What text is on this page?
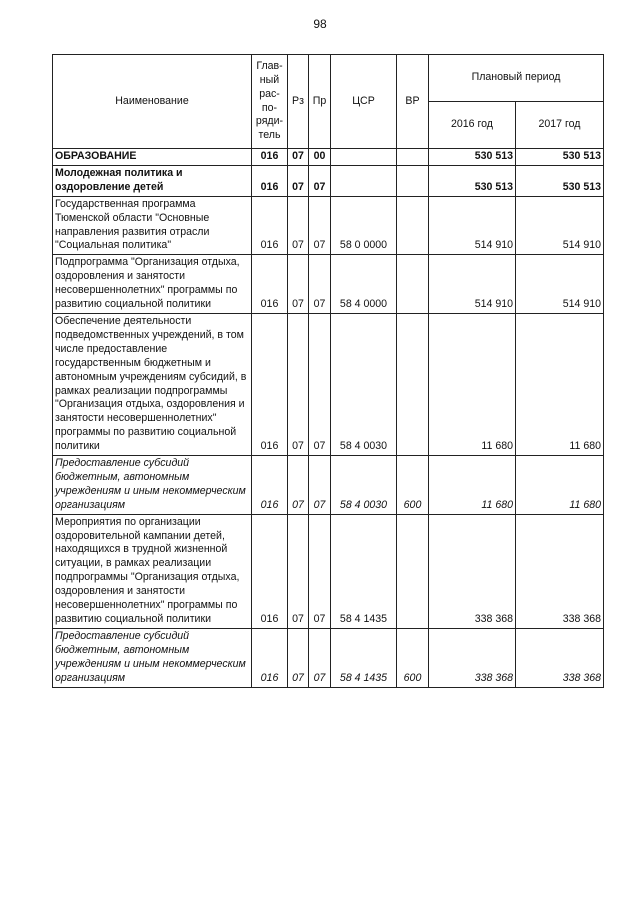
98
Наименование	Глав-ный рас-по-ряди-тель	Рз	Пр	ЦСР	ВР	Плановый период	
						2016 год	2017 год
ОБРАЗОВАНИЕ	016	07	00			530 513	530 513
Молодежная политика и оздоровление детей	016	07	07			530 513	530 513
Государственная программа Тюменской области "Основные направления развития отрасли "Социальная политика"	016	07	07	58 0 0000		514 910	514 910
Подпрограмма "Организация отдыха, оздоровления и занятости несовершеннолетних" программы по развитию социальной политики	016	07	07	58 4 0000		514 910	514 910
Обеспечение деятельности подведомственных учреждений, в том числе предоставление государственным бюджетным и автономным учреждениям субсидий, в рамках реализации подпрограммы "Организация отдыха, оздоровления и занятости несовершеннолетних" программы по развитию социальной политики	016	07	07	58 4 0030		11 680	11 680
Предоставление субсидий бюджетным, автономным учреждениям и иным некоммерческим организациям	016	07	07	58 4 0030	600	11 680	11 680
Мероприятия по организации оздоровительной кампании детей, находящихся в трудной жизненной ситуации, в рамках реализации подпрограммы "Организация отдыха, оздоровления и занятости несовершеннолетних" программы по развитию социальной политики	016	07	07	58 4 1435		338 368	338 368
Предоставление субсидий бюджетным, автономным учреждениям и иным некоммерческим организациям	016	07	07	58 4 1435	600	338 368	338 368
